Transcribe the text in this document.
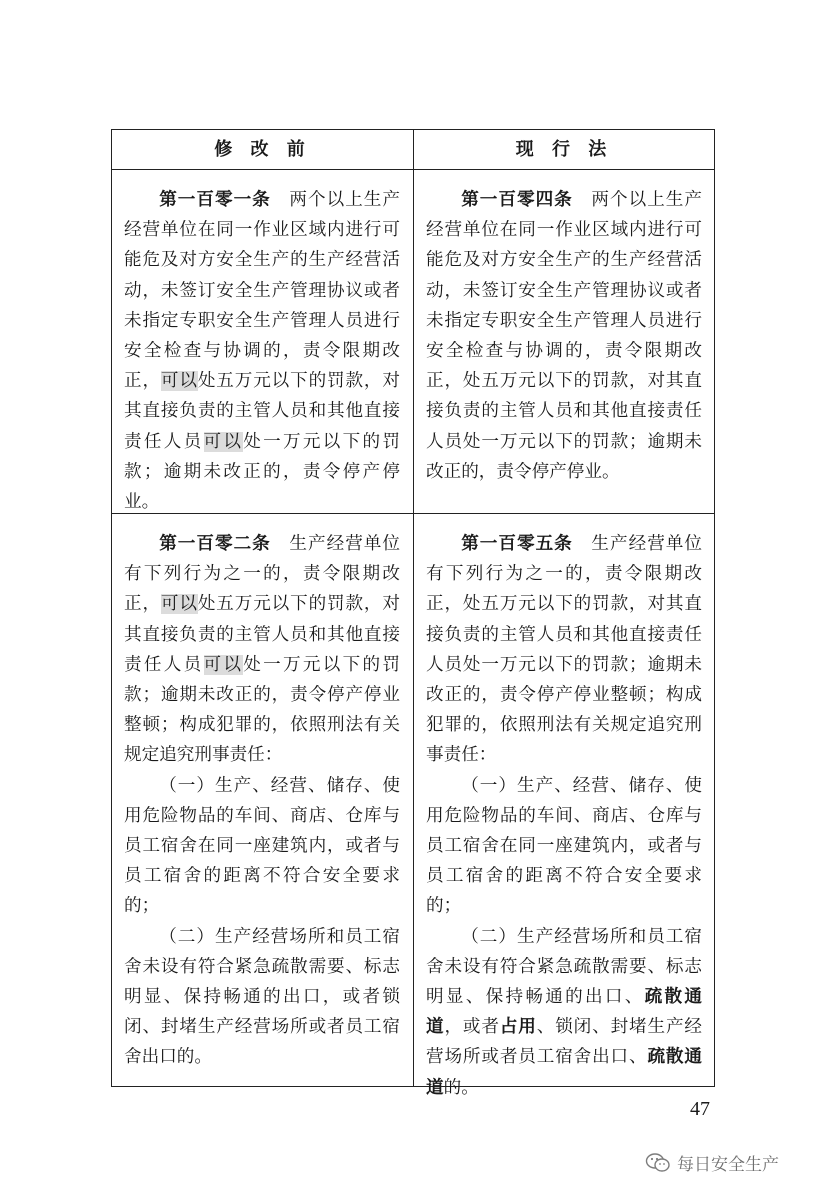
修 改 前	现 行 法

第一百零一条　两个以上生产经营单位在同一作业区域内进行可能危及对方安全生产的生产经营活动，未签订安全生产管理协议或者未指定专职安全生产管理人员进行安全检查与协调的，责令限期改正，可以处五万元以下的罚款，对其直接负责的主管人员和其他直接责任人员可以处一万元以下的罚款；逾期未改正的，责令停产停业。

第一百零四条　两个以上生产经营单位在同一作业区域内进行可能危及对方安全生产的生产经营活动，未签订安全生产管理协议或者未指定专职安全生产管理人员进行安全检查与协调的，责令限期改正，处五万元以下的罚款，对其直接负责的主管人员和其他直接责任人员处一万元以下的罚款；逾期未改正的，责令停产停业。

第一百零二条　生产经营单位有下列行为之一的，责令限期改正，可以处五万元以下的罚款，对其直接负责的主管人员和其他直接责任人员可以处一万元以下的罚款；逾期未改正的，责令停产停业整顿；构成犯罪的，依照刑法有关规定追究刑事责任：

（一）生产、经营、储存、使用危险物品的车间、商店、仓库与员工宿舍在同一座建筑内，或者与员工宿舍的距离不符合安全要求的；

（二）生产经营场所和员工宿舍未设有符合紧急疏散需要、标志明显、保持畅通的出口，或者锁闭、封堵生产经营场所或者员工宿舍出口的。

第一百零五条　生产经营单位有下列行为之一的，责令限期改正，处五万元以下的罚款，对其直接负责的主管人员和其他直接责任人员处一万元以下的罚款；逾期未改正的，责令停产停业整顿；构成犯罪的，依照刑法有关规定追究刑事责任：

（一）生产、经营、储存、使用危险物品的车间、商店、仓库与员工宿舍在同一座建筑内，或者与员工宿舍的距离不符合安全要求的；

（二）生产经营场所和员工宿舍未设有符合紧急疏散需要、标志明显、保持畅通的出口、疏散通道，或者占用、锁闭、封堵生产经营场所或者员工宿舍出口、疏散通道的。

47
每日安全生产
